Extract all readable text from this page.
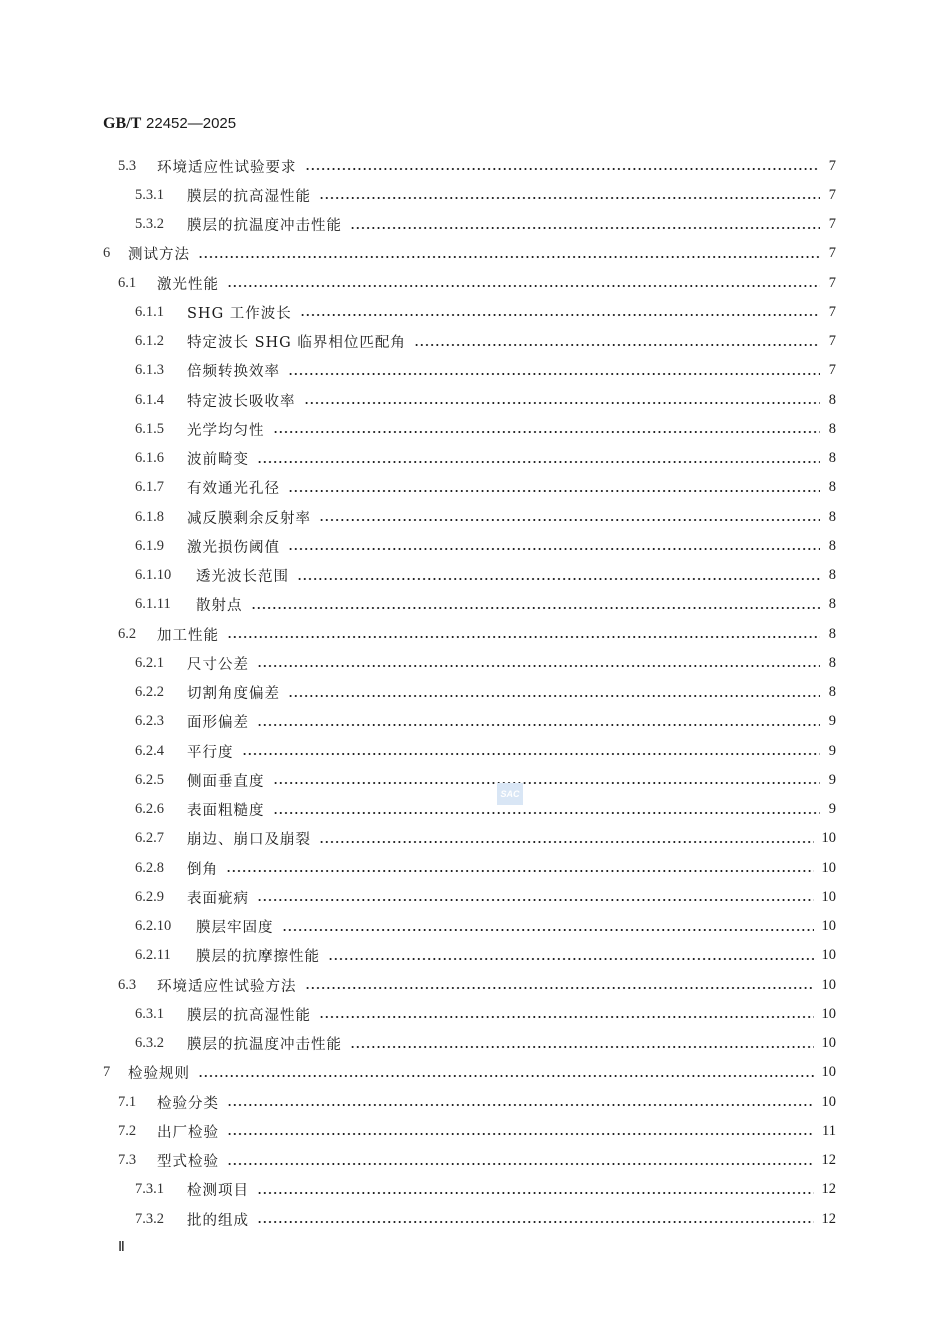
GB/T 22452—2025
5.3	环境适应性试验要求	7
5.3.1	膜层的抗高湿性能	7
5.3.2	膜层的抗温度冲击性能	7
6	测试方法	7
6.1	激光性能	7
6.1.1	SHG 工作波长	7
6.1.2	特定波长 SHG 临界相位匹配角	7
6.1.3	倍频转换效率	7
6.1.4	特定波长吸收率	8
6.1.5	光学均匀性	8
6.1.6	波前畸变	8
6.1.7	有效通光孔径	8
6.1.8	减反膜剩余反射率	8
6.1.9	激光损伤阈值	8
6.1.10	透光波长范围	8
6.1.11	散射点	8
6.2	加工性能	8
6.2.1	尺寸公差	8
6.2.2	切割角度偏差	8
6.2.3	面形偏差	9
6.2.4	平行度	9
6.2.5	侧面垂直度	9
6.2.6	表面粗糙度	9
6.2.7	崩边、崩口及崩裂	10
6.2.8	倒角	10
6.2.9	表面疵病	10
6.2.10	膜层牢固度	10
6.2.11	膜层的抗摩擦性能	10
6.3	环境适应性试验方法	10
6.3.1	膜层的抗高湿性能	10
6.3.2	膜层的抗温度冲击性能	10
7	检验规则	10
7.1	检验分类	10
7.2	出厂检验	11
7.3	型式检验	12
7.3.1	检测项目	12
7.3.2	批的组成	12
SAC
Ⅱ
